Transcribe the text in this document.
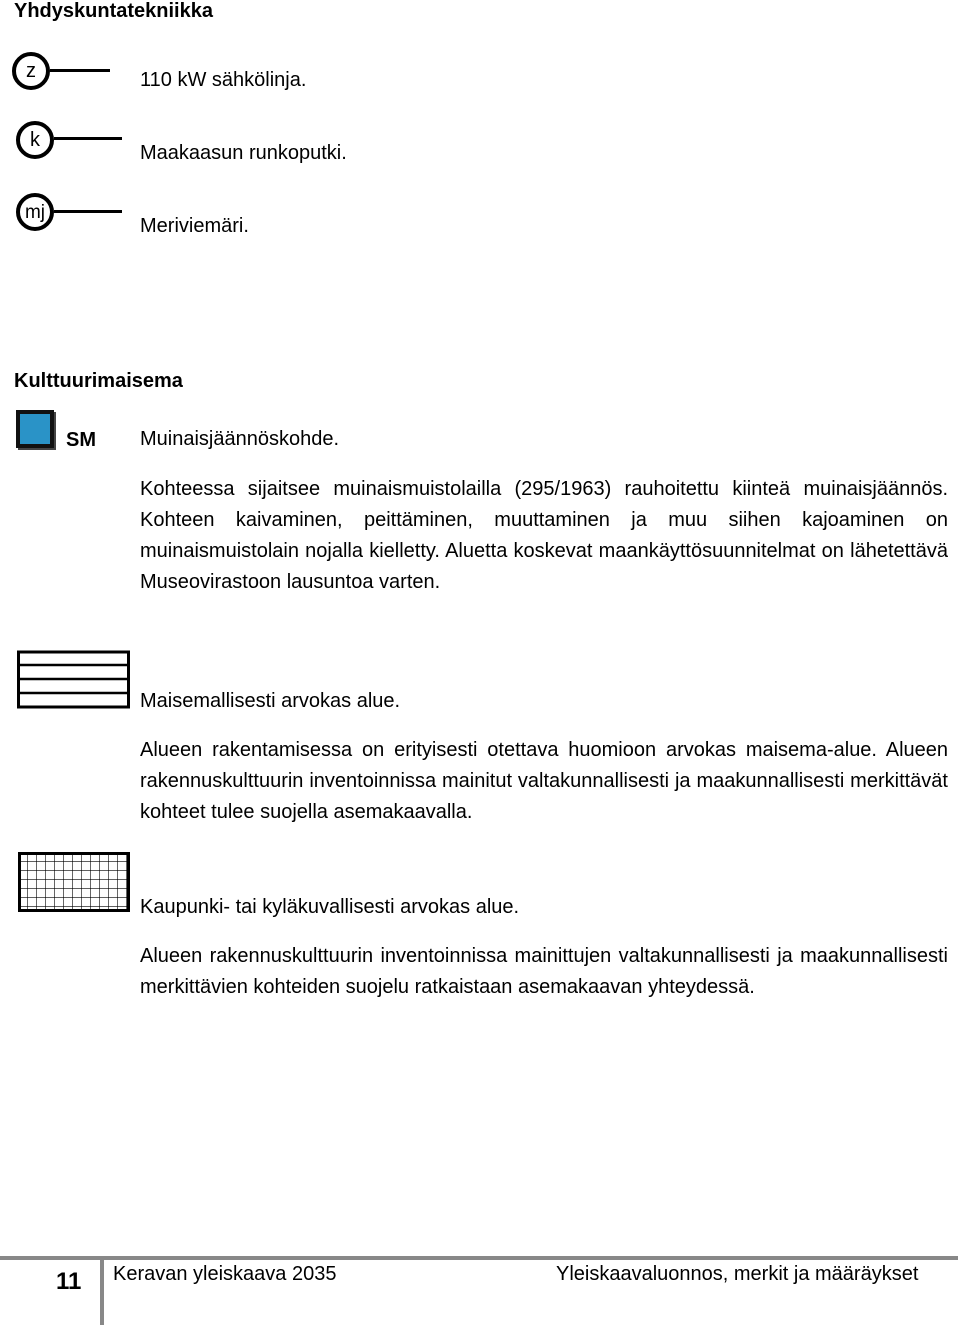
Yhdyskuntatekniikka
z	110 kW sähkölinja.
k
Maakaasun runkoputki.
mj
Meriviemäri.
Kulttuurimaisema
SM Muinaisjäännöskohde.
Kohteessa sijaitsee muinaismuistolailla (295/1963) rauhoitettu kiinteä muinaisjäännös. Kohteen kaivaminen, peittäminen, muuttaminen ja muu siihen kajoaminen on muinaismuistolain nojalla kielletty. Aluetta koskevat maankäyttösuunnitelmat on lähetettävä Museovirastoon lausuntoa varten.
Maisemallisesti arvokas alue.
Alueen rakentamisessa on erityisesti otettava huomioon arvokas maisema-alue. Alueen rakennuskulttuurin inventoinnissa mainitut valtakunnallisesti ja maakunnallisesti merkittävät kohteet tulee suojella asemakaavalla.
Kaupunki- tai kyläkuvallisesti arvokas alue.
Alueen rakennuskulttuurin inventoinnissa mainittujen valtakunnallisesti ja maakunnallisesti merkittävien kohteiden suojelu ratkaistaan asemakaavan yhteydessä.
11 Keravan yleiskaava 2035	Yleiskaavaluonnos, merkit ja määräykset
